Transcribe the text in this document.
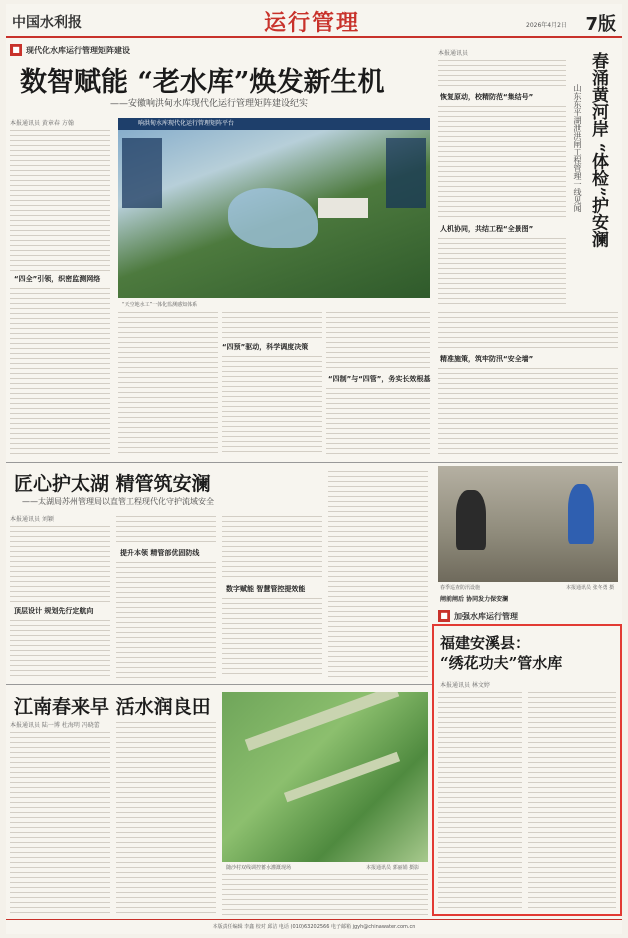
中国水利报	运行管理	2026年4月2日 7版
■ 现代化水库运行管理矩阵建设
数智赋能 “老水库”焕发新生机
——安徽响洪甸水库现代化运行管理矩阵建设纪实
本报通讯员 黄章春 方翰
“四全”引领，织密监测网络
响洪甸水库现代化运行管理矩阵平台
“天空地水工”一体化监测感知体系
“四预”驱动，科学调度决策
“四制”与“四管”，务实长效根基
春涌黄河岸 “体检”护安澜
山东东平湖泄洪闸工程管理一线见闻
本报通讯员
恢复原动，校精防范“集结号”
人机协同，共结工程“全景图”
精准施策，筑牢防汛“安全墙”
匠心护太湖 精管筑安澜
——太湖局苏州管理局以直管工程现代化守护流域安全
本报通讯员 刘颖
顶层设计 规划先行定航向
提升本领 精管部优固防线
数字赋能 智慧管控提效能	春季巡查防汛设施	本报通讯员 张冬勇 摄
闸前闸后 协同发力保安澜
■ 加强水库运行管理
江南春来早 活水润良田
本报通讯员 陆一博 杜海明 冯晓蕾
随沙村双线调控蓄水灌溉现场	本报通讯员 郭丽娟 摄影
福建安溪县：
“绣花功夫”管水库
本报通讯员 林文婷
本版责任编辑 李鑫 校对 邱洁 电话 (010)63202566 电子邮箱 jgyh@chinawater.com.cn
